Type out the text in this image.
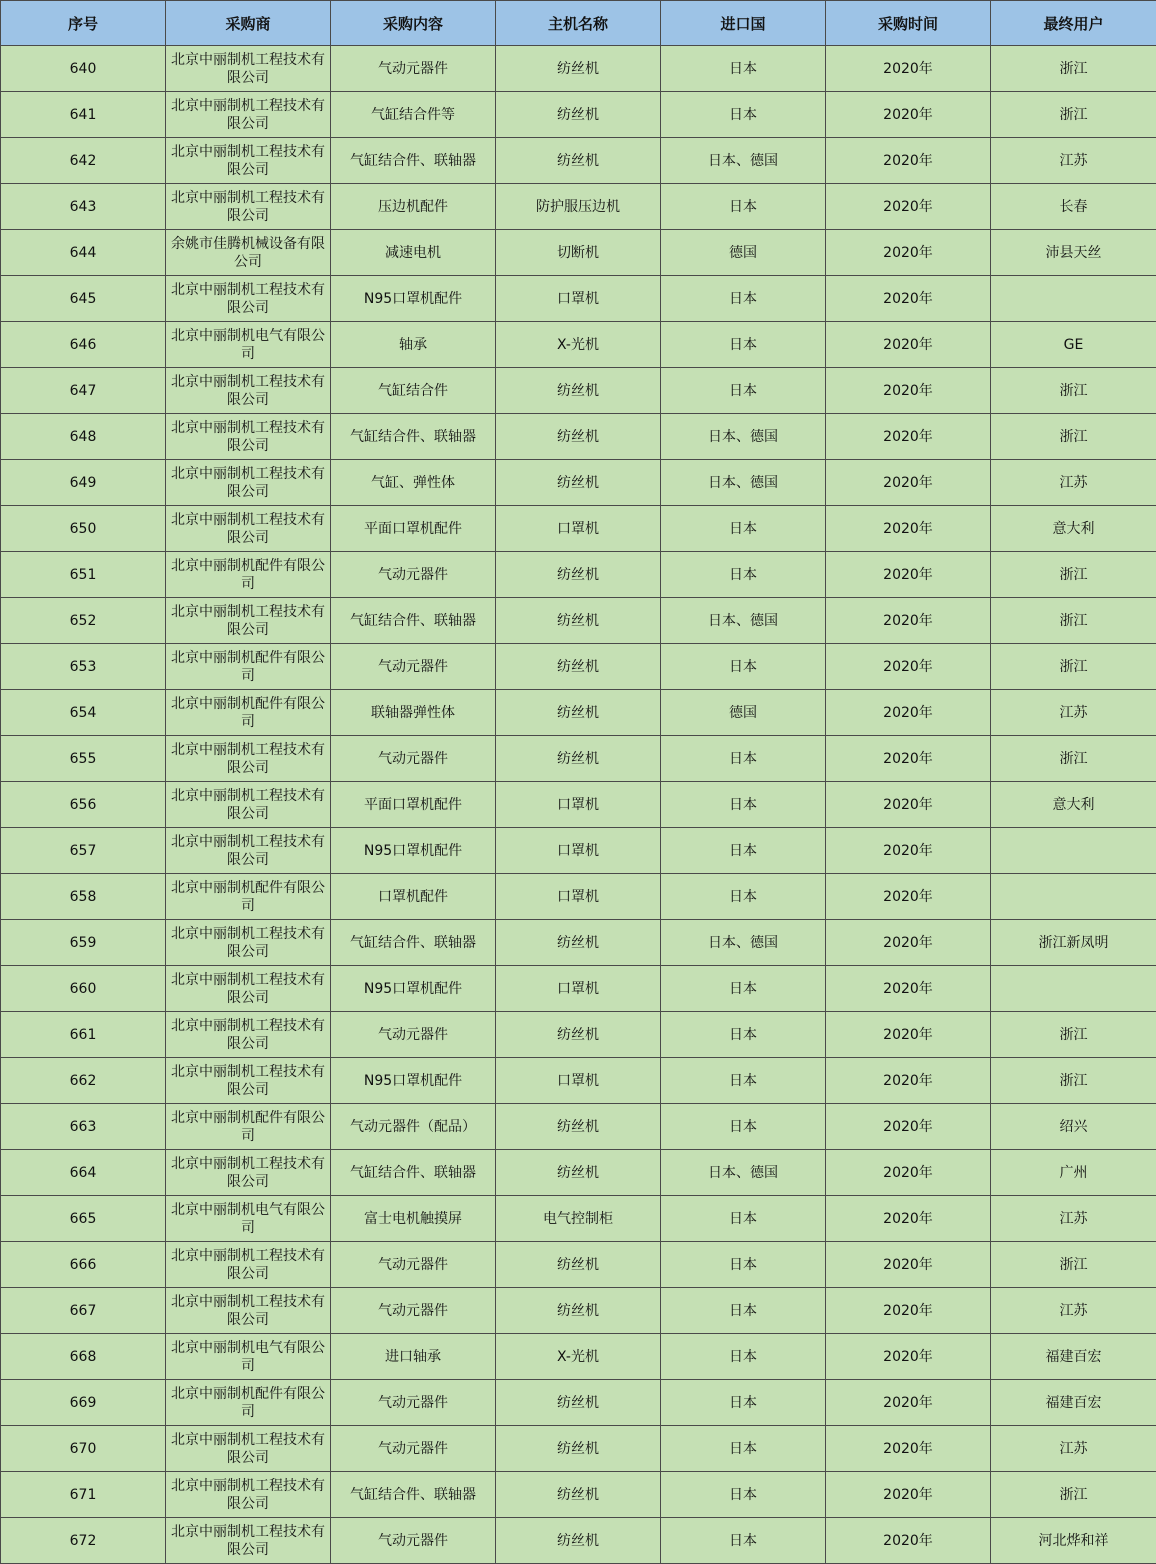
序号	采购商	采购内容	主机名称	进口国	采购时间	最终用户
640	北京中丽制机工程技术有限公司	气动元器件	纺丝机	日本	2020年	浙江
641	北京中丽制机工程技术有限公司	气缸结合件等	纺丝机	日本	2020年	浙江
642	北京中丽制机工程技术有限公司	气缸结合件、联轴器	纺丝机	日本、德国	2020年	江苏
643	北京中丽制机工程技术有限公司	压边机配件	防护服压边机	日本	2020年	长春
644	余姚市佳腾机械设备有限公司	减速电机	切断机	德国	2020年	沛县天丝
645	北京中丽制机工程技术有限公司	N95口罩机配件	口罩机	日本	2020年	
646	北京中丽制机电气有限公司	轴承	X-光机	日本	2020年	GE
647	北京中丽制机工程技术有限公司	气缸结合件	纺丝机	日本	2020年	浙江
648	北京中丽制机工程技术有限公司	气缸结合件、联轴器	纺丝机	日本、德国	2020年	浙江
649	北京中丽制机工程技术有限公司	气缸、弹性体	纺丝机	日本、德国	2020年	江苏
650	北京中丽制机工程技术有限公司	平面口罩机配件	口罩机	日本	2020年	意大利
651	北京中丽制机配件有限公司	气动元器件	纺丝机	日本	2020年	浙江
652	北京中丽制机工程技术有限公司	气缸结合件、联轴器	纺丝机	日本、德国	2020年	浙江
653	北京中丽制机配件有限公司	气动元器件	纺丝机	日本	2020年	浙江
654	北京中丽制机配件有限公司	联轴器弹性体	纺丝机	德国	2020年	江苏
655	北京中丽制机工程技术有限公司	气动元器件	纺丝机	日本	2020年	浙江
656	北京中丽制机工程技术有限公司	平面口罩机配件	口罩机	日本	2020年	意大利
657	北京中丽制机工程技术有限公司	N95口罩机配件	口罩机	日本	2020年	
658	北京中丽制机配件有限公司	口罩机配件	口罩机	日本	2020年	
659	北京中丽制机工程技术有限公司	气缸结合件、联轴器	纺丝机	日本、德国	2020年	浙江新凤明
660	北京中丽制机工程技术有限公司	N95口罩机配件	口罩机	日本	2020年	
661	北京中丽制机工程技术有限公司	气动元器件	纺丝机	日本	2020年	浙江
662	北京中丽制机工程技术有限公司	N95口罩机配件	口罩机	日本	2020年	浙江
663	北京中丽制机配件有限公司	气动元器件（配品）	纺丝机	日本	2020年	绍兴
664	北京中丽制机工程技术有限公司	气缸结合件、联轴器	纺丝机	日本、德国	2020年	广州
665	北京中丽制机电气有限公司	富士电机触摸屏	电气控制柜	日本	2020年	江苏
666	北京中丽制机工程技术有限公司	气动元器件	纺丝机	日本	2020年	浙江
667	北京中丽制机工程技术有限公司	气动元器件	纺丝机	日本	2020年	江苏
668	北京中丽制机电气有限公司	进口轴承	X-光机	日本	2020年	福建百宏
669	北京中丽制机配件有限公司	气动元器件	纺丝机	日本	2020年	福建百宏
670	北京中丽制机工程技术有限公司	气动元器件	纺丝机	日本	2020年	江苏
671	北京中丽制机工程技术有限公司	气缸结合件、联轴器	纺丝机	日本	2020年	浙江
672	北京中丽制机工程技术有限公司	气动元器件	纺丝机	日本	2020年	河北烨和祥
